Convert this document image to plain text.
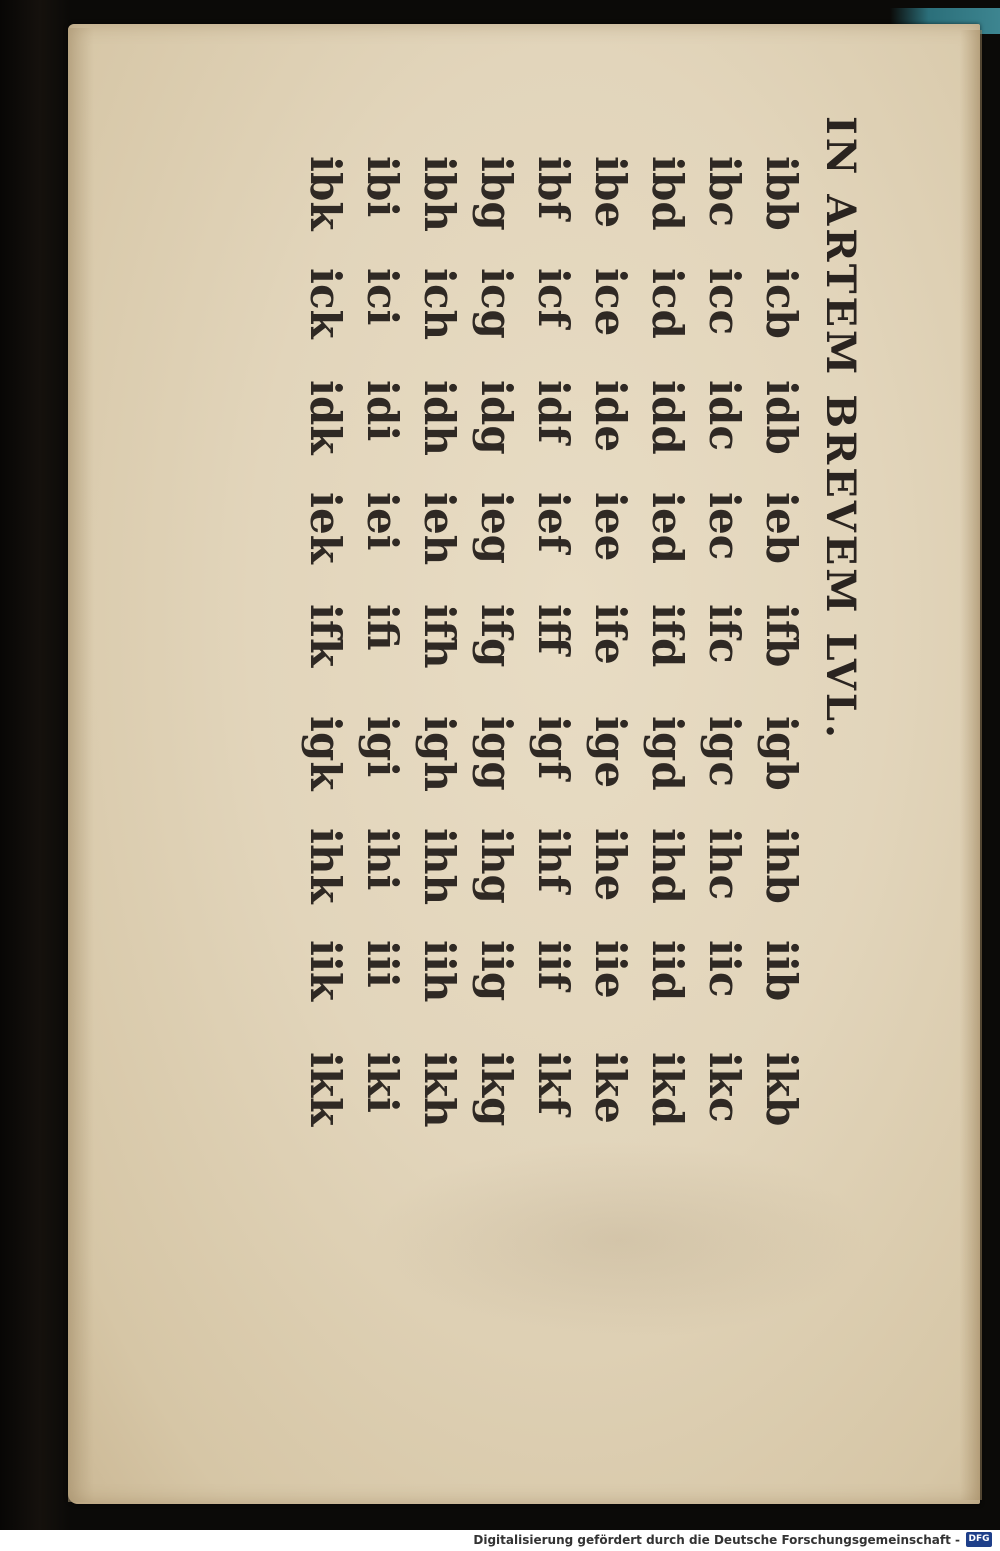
IN ARTEM BREVEM LVL.
ibb
icb
idb
ieb
ifb
igb
ihb
iib
ikb
ibc
icc
idc
iec
ifc
igc
ihc
iic
ikc
ibd
icd
idd
ied
ifd
igd
ihd
iid
ikd
ibe
ice
ide
iee
ife
ige
ihe
iie
ike
ibf
icf
idf
ief
iff
igf
ihf
iif
ikf
ibg
icg
idg
ieg
ifg
igg
ihg
iig
ikg
ibh
ich
idh
ieh
ifh
igh
ihh
iih
ikh
ibi
ici
idi
iei
ifi
igi
ihi
iii
iki
ibk
ick
idk
iek
ifk
igk
ihk
iik
ikk
Digitalisierung gefördert durch die Deutsche Forschungsgemeinschaft - DFG
